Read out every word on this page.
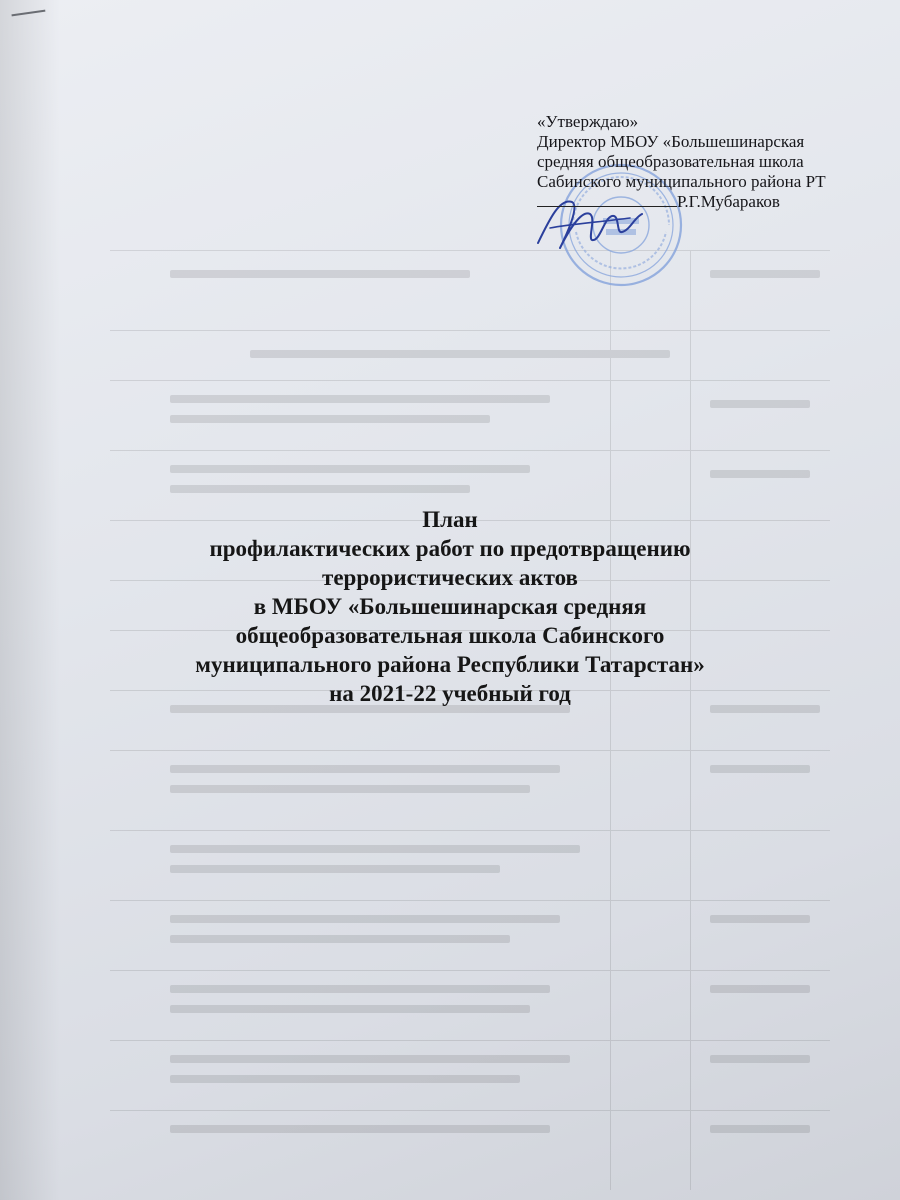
«Утверждаю»
Директор МБОУ «Большешинарская
средняя общеобразовательная школа
Сабинского муниципального района РТ
Р.Г.Мубараков
План
профилактических работ по предотвращению
террористических актов
в МБОУ «Большешинарская средняя
общеобразовательная школа Сабинского
муниципального района Республики Татарстан»
на 2021-22 учебный год
